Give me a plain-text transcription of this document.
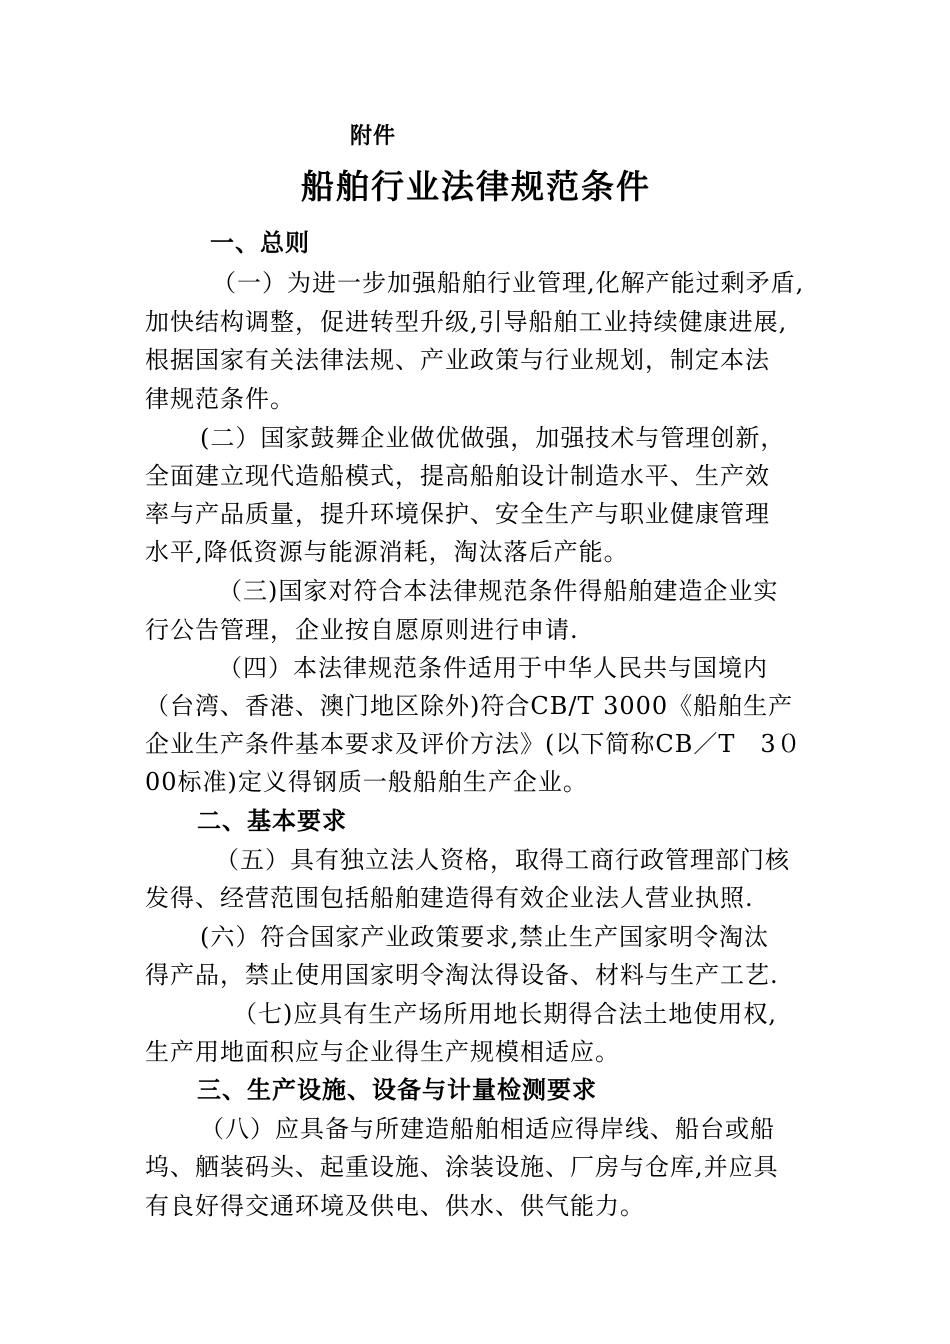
附件
船舶行业法律规范条件
一、总则
（一）为进一步加强船舶行业管理,化解产能过剩矛盾,
加快结构调整，促进转型升级,引导船舶工业持续健康进展,
根据国家有关法律法规、产业政策与行业规划，制定本法
律规范条件。
(二）国家鼓舞企业做优做强，加强技术与管理创新，
全面建立现代造船模式，提高船舶设计制造水平、生产效
率与产品质量，提升环境保护、安全生产与职业健康管理
水平,降低资源与能源消耗，淘汰落后产能。
（三)国家对符合本法律规范条件得船舶建造企业实
行公告管理，企业按自愿原则进行申请.
（四）本法律规范条件适用于中华人民共与国境内
（台湾、香港、澳门地区除外)符合CB/T 3000《船舶生产
企业生产条件基本要求及评价方法》(以下简称CB／T　3０
00标准)定义得钢质一般船舶生产企业。
二、基本要求
（五）具有独立法人资格，取得工商行政管理部门核
发得、经营范围包括船舶建造得有效企业法人营业执照.
(六）符合国家产业政策要求,禁止生产国家明令淘汰
得产品，禁止使用国家明令淘汰得设备、材料与生产工艺.
（七)应具有生产场所用地长期得合法土地使用权,
生产用地面积应与企业得生产规模相适应。
三、生产设施、设备与计量检测要求
（八）应具备与所建造船舶相适应得岸线、船台或船
坞、舾装码头、起重设施、涂装设施、厂房与仓库,并应具
有良好得交通环境及供电、供水、供气能力。
